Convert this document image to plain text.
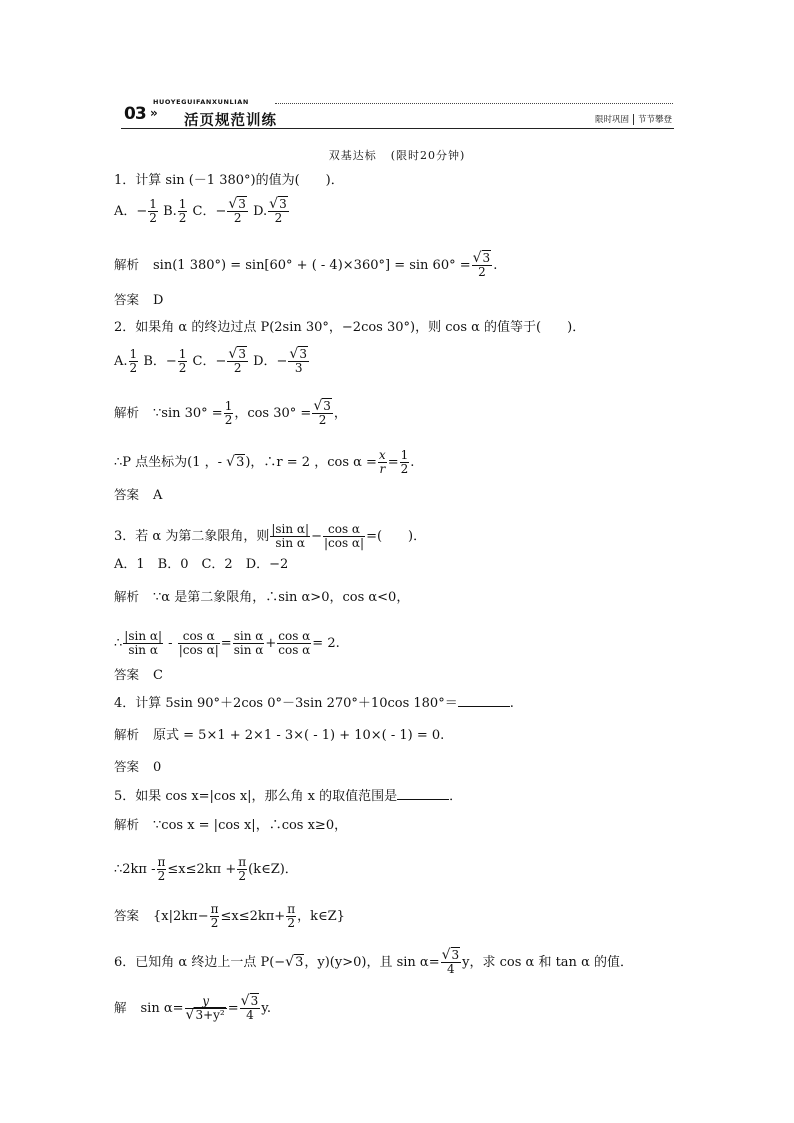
03 »
HUOYEGUIFANXUNLIAN
活页规范训练	限时巩固 节节攀登
双基达标 (限时20分钟)
1．计算 sin (－1 380°)的值为(　　)．
A．− $\frac{1}{2} B$. $\frac{1}{2}$ C．− $\frac{√3}{2} D$. $\frac{√3}{2}$
解析 sin(1 380°) = sin[60° + ( - $4)\times 360^\circ] = \sin 60^\circ = \frac{√3}{2}$ .
答案 D
2．如果角 α 的终边过点 P(2sin 30°，−2cos 30°)，则 cos α 的值等于(　　)．
A. $\frac{1}{2}$ B．− $\frac{1}{2}$ C．− $\frac{√3}{2}$ D．− $\frac{√3}{3}$
解析 ∵sin $30^\circ = \frac{1}{2}$ ，$\cos 30^\circ = \frac{√3}{2}$ ，
∴P 点坐标为(1 ，- √3)，∴r = 2 ，$\cos \alpha = \frac{x}{r} = \frac{1}{2}$ .
答案 A
3．若 α 为第二象限角，则 $\frac{\text{|sin α|}}{\text{sin α}} - \frac{\text{cos α}}{\text{|cos α|}}$ =(　　)．
A．1　B．0　C．2　D．−2
解析 ∵α 是第二象限角，∴sin α>0，cos α<0，
∴ $\frac{\text{|sin α|}}{\text{sin α}} - \frac{\text{cos α}}{\text{|cos α|}} = \frac{\text{sin α}}{\text{sin α}} + \frac{\text{cos α}}{\text{cos α}} = 2$.
答案 C
4．计算 5sin 90°＋2cos 0°－3sin 270°＋10cos 180°＝	.
解析 原式 = 5×1 + 2×1 - 3×( - 1) + 10×( - 1) = 0.
答案 0
5．如果 cos x=|cos x|，那么角 x 的取值范围是	．
解析 ∵cos x = |cos x|，∴cos x≥0，
∴2kπ - $\frac{\pi}{2} \le x\le 2k\pi + \frac{\pi}{2}$ (k∈Z)．
答案 {$x|2k\pi- \frac{\pi}{2} \le x\le 2k\pi+ \frac{\pi}{2}$ ，k∈Z}
6．已知角 α 终边上一点 P(−√3，y)(y>0)，且 $\sin \alpha= \frac{√3}{4}$ y，求 cos α 和 tan α 的值．
解 $\sin \alpha= \frac{y}{\text{√3+y²}} = \frac{√3}{4} y$.
